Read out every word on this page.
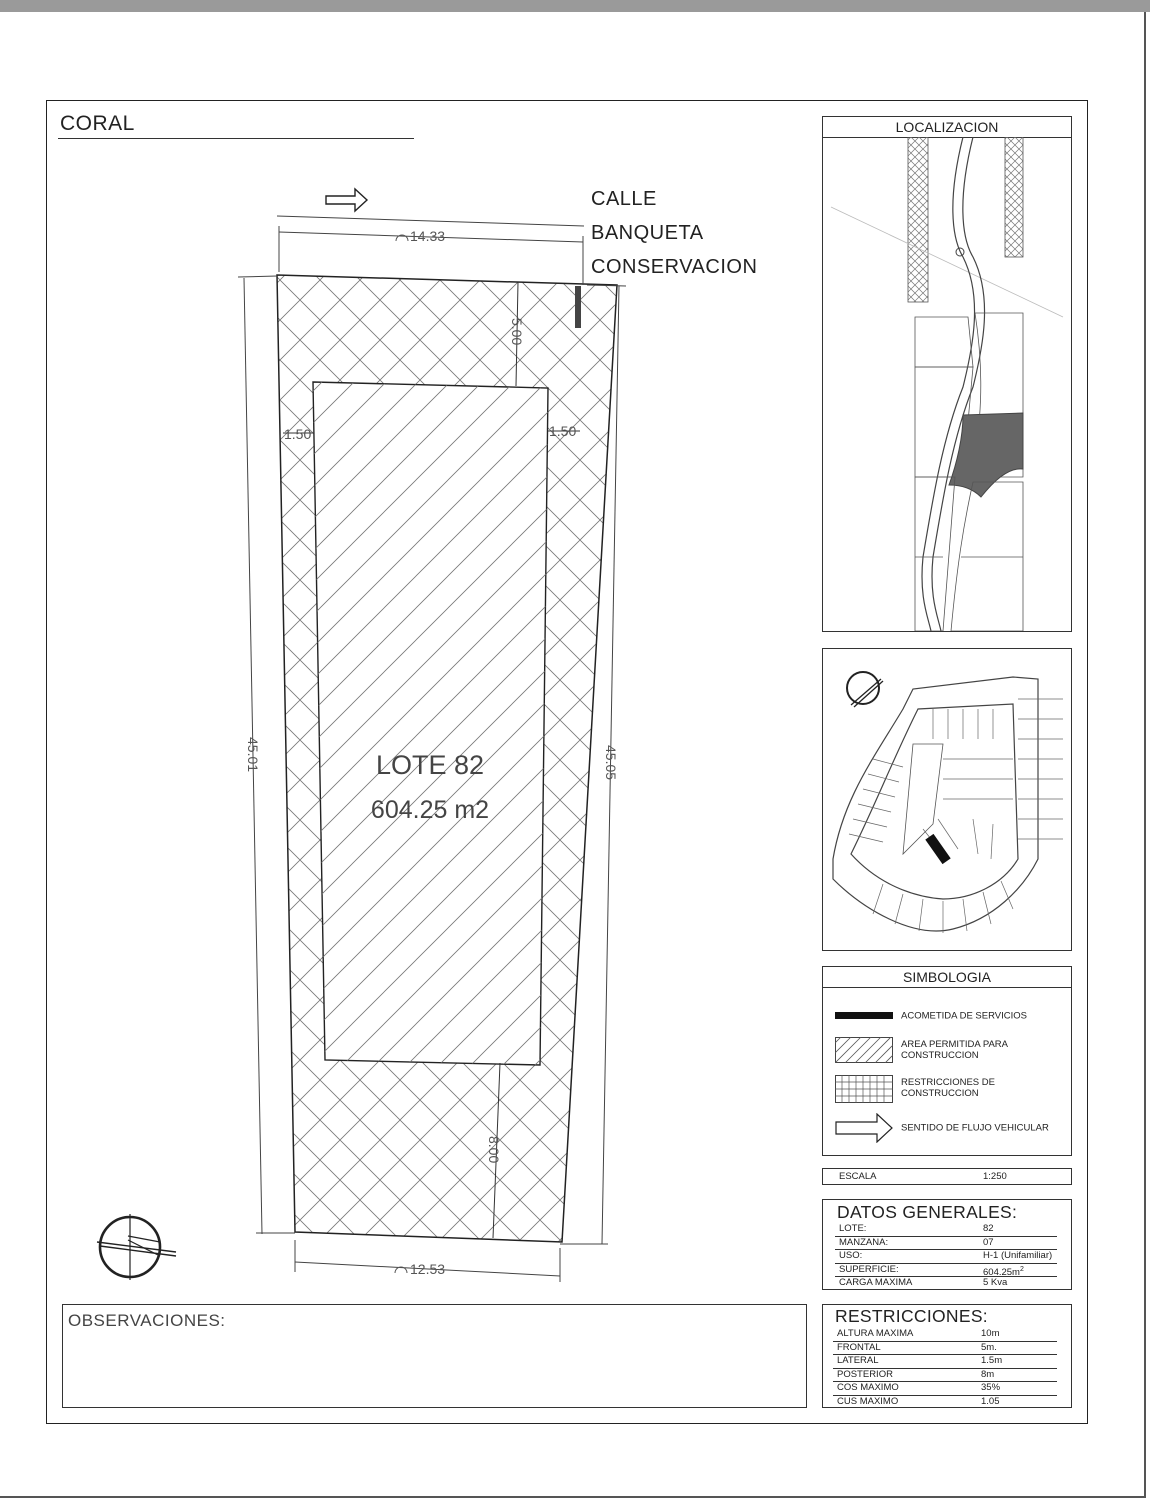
CORAL
CALLE
BANQUETA
CONSERVACION
14.33
12.53
45.01	45.05
5.00
8.00
1.50	1.50
LOTE 82
604.25 m2
LOCALIZACION
SIMBOLOGIA
ACOMETIDA DE SERVICIOS
AREA PERMITIDA PARA
CONSTRUCCION
RESTRICCIONES DE
CONSTRUCCION
SENTIDO DE FLUJO VEHICULAR
ESCALA	1:250
DATOS GENERALES:
LOTE:	82
MANZANA:	07
USO:	H-1 (Unifamiliar)
SUPERFICIE:	$604.25m^2$
CARGA MAXIMA	5 Kva
RESTRICCIONES:
ALTURA MAXIMA	10m
FRONTAL	5m.
LATERAL	1.5m
POSTERIOR	8m
COS MAXIMO	35%
CUS MAXIMO	1.05
OBSERVACIONES:
